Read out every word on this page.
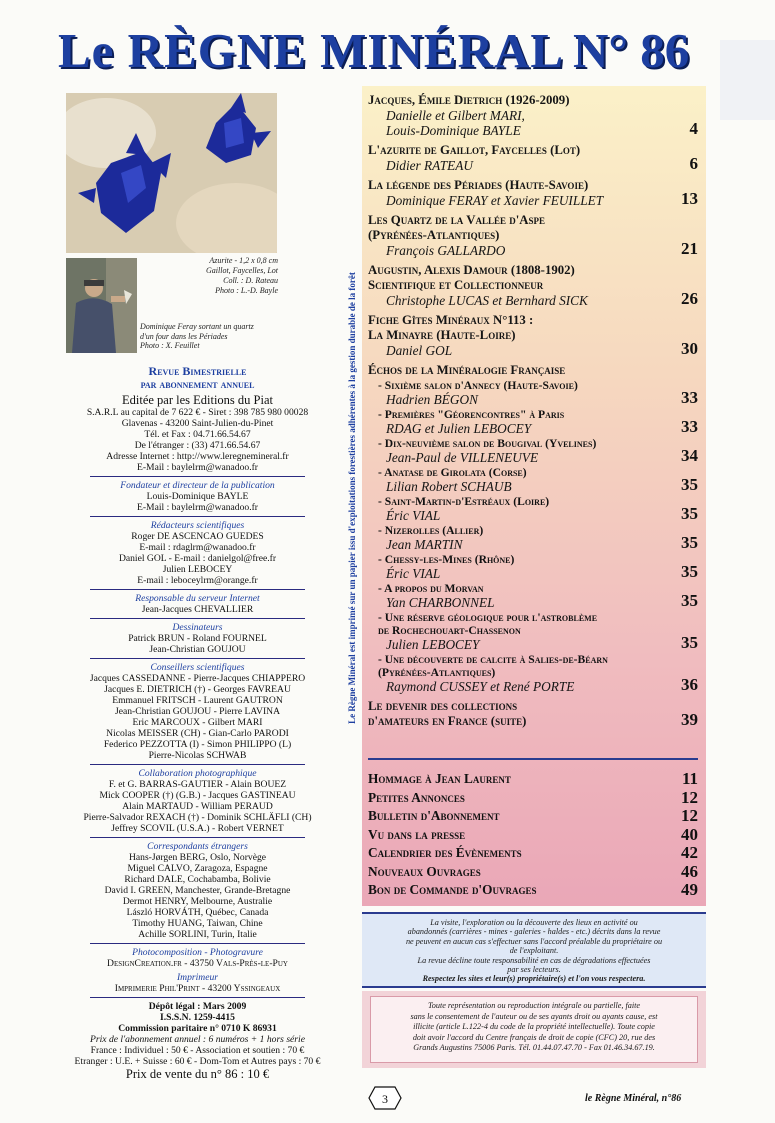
Le RÈGNE MINÉRAL N° 86
Azurite - 1,2 x 0,8 cm
Gaillot, Faycelles, Lot
Coll. : D. Rateau
Photo : L.-D. Bayle
Dominique Feray sortant un quartz
d'un four dans les Périades
Photo : X. Feuillet
Revue Bimestrielle
par abonnement annuel
Editée par les Editions du Piat
S.A.R.L au capital de 7 622 € - Siret : 398 785 980 00028
Glavenas - 43200 Saint-Julien-du-Pinet
Tél. et Fax : 04.71.66.54.67
De l'étranger : (33) 471.66.54.67
Adresse Internet : http://www.leregnemineral.fr
E-Mail : baylelrm@wanadoo.fr
Fondateur et directeur de la publication
Louis-Dominique BAYLE
E-Mail : baylelrm@wanadoo.fr
Rédacteurs scientifiques
Roger DE ASCENCAO GUEDES
E-mail : rdaglrm@wanadoo.fr
Daniel GOL - E-mail : danielgol@free.fr
Julien LEBOCEY
E-mail : leboceylrm@orange.fr
Responsable du serveur Internet
Jean-Jacques CHEVALLIER
Dessinateurs
Patrick BRUN - Roland FOURNEL
Jean-Christian GOUJOU
Conseillers scientifiques
Jacques CASSEDANNE - Pierre-Jacques CHIAPPERO
Jacques E. DIETRICH (†) - Georges FAVREAU
Emmanuel FRITSCH - Laurent GAUTRON
Jean-Christian GOUJOU - Pierre LAVINA
Eric MARCOUX - Gilbert MARI
Nicolas MEISSER (CH) - Gian-Carlo PARODI
Federico PEZZOTTA (I) - Simon PHILIPPO (L)
Pierre-Nicolas SCHWAB
Collaboration photographique
F. et G. BARRAS-GAUTIER - Alain BOUEZ
Mick COOPER (†) (G.B.) - Jacques GASTINEAU
Alain MARTAUD - William PERAUD
Pierre-Salvador REXACH (†) - Dominik SCHLÄFLI (CH)
Jeffrey SCOVIL (U.S.A.) - Robert VERNET
Correspondants étrangers
Hans-Jørgen BERG, Oslo, Norvège
Miguel CALVO, Zaragoza, Espagne
Richard DALE, Cochabamba, Bolivie
David I. GREEN, Manchester, Grande-Bretagne
Dermot HENRY, Melbourne, Australie
László HORVÁTH, Québec, Canada
Timothy HUANG, Taiwan, Chine
Achille SORLINI, Turin, Italie
Photocomposition - Photogravure
DesignCreation.fr - 43750 Vals-Près-le-Puy
Imprimeur
Imprimerie Phil'Print - 43200 Yssingeaux
Dépôt légal : Mars 2009
I.S.S.N. 1259-4415
Commission paritaire n° 0710 K 86931
Prix de l'abonnement annuel : 6 numéros + 1 hors série
France : Individuel : 50 € - Association et soutien : 70 €
Etranger : U.E. + Suisse : 60 € - Dom-Tom et Autres pays : 70 €
Prix de vente du n° 86 : 10 €
Le Règne Minéral est imprimé sur un papier issu d'exploitations forestières adhérentes à la gestion durable de la forêt
Jacques, Émile Dietrich (1926-2009)
Danielle et Gilbert MARI,
Louis-Dominique BAYLE	4
L'azurite de Gaillot, Faycelles (Lot)
Didier RATEAU	6
La légende des Périades (Haute-Savoie)
Dominique FERAY et Xavier FEUILLET	13
Les Quartz de la Vallée d'Aspe
(Pyrénées-Atlantiques)
François GALLARDO	21
Augustin, Alexis Damour (1808-1902)
Scientifique et Collectionneur
Christophe LUCAS et Bernhard SICK	26
Fiche Gîtes Minéraux N°113 :
La Minayre (Haute-Loire)
Daniel GOL	30
Échos de la Minéralogie Française
- Sixième salon d'Annecy (Haute-Savoie)
Hadrien BÉGON	33
- Premières "Géorencontres" à Paris
RDAG et Julien LEBOCEY	33
- Dix-neuvième salon de Bougival (Yvelines)
Jean-Paul de VILLENEUVE	34
- Anatase de Girolata (Corse)
Lilian Robert SCHAUB	35
- Saint-Martin-d'Estréaux (Loire)
Éric VIAL	35
- Nizerolles (Allier)
Jean MARTIN	35
- Chessy-les-Mines (Rhône)
Éric VIAL	35
- A propos du Morvan
Yan CHARBONNEL	35
- Une réserve géologique pour l'astroblème
de Rochechouart-Chassenon
Julien LEBOCEY	35
- Une découverte de calcite à Salies-de-Béarn
(Pyrénées-Atlantiques)
Raymond CUSSEY et René PORTE	36
Le devenir des collections
d'amateurs en France (suite)	39
Hommage à Jean Laurent	11
Petites Annonces	12
Bulletin d'Abonnement	12
Vu dans la presse	40
Calendrier des Évènements	42
Nouveaux Ouvrages	46
Bon de Commande d'Ouvrages	49

La visite, l'exploration ou la découverte des lieux en activité ou
abandonnés (carrières - mines - galeries - haldes - etc.) décrits dans la revue
ne peuvent en aucun cas s'effectuer sans l'accord préalable du propriétaire ou
de l'exploitant.
La revue décline toute responsabilité en cas de dégradations effectuées
par ses lecteurs.
Respectez les sites et leur(s) propriétaire(s) et l'on vous respectera.

Toute représentation ou reproduction intégrale ou partielle, faite
sans le consentement de l'auteur ou de ses ayants droit ou ayants cause, est
illicite (article L.122-4 du code de la propriété intellectuelle). Toute copie
doit avoir l'accord du Centre français de droit de copie (CFC) 20, rue des
Grands Augustins 75006 Paris. Tél. 01.44.07.47.70 - Fax 01.46.34.67.19.

3	le Règne Minéral, n°86
